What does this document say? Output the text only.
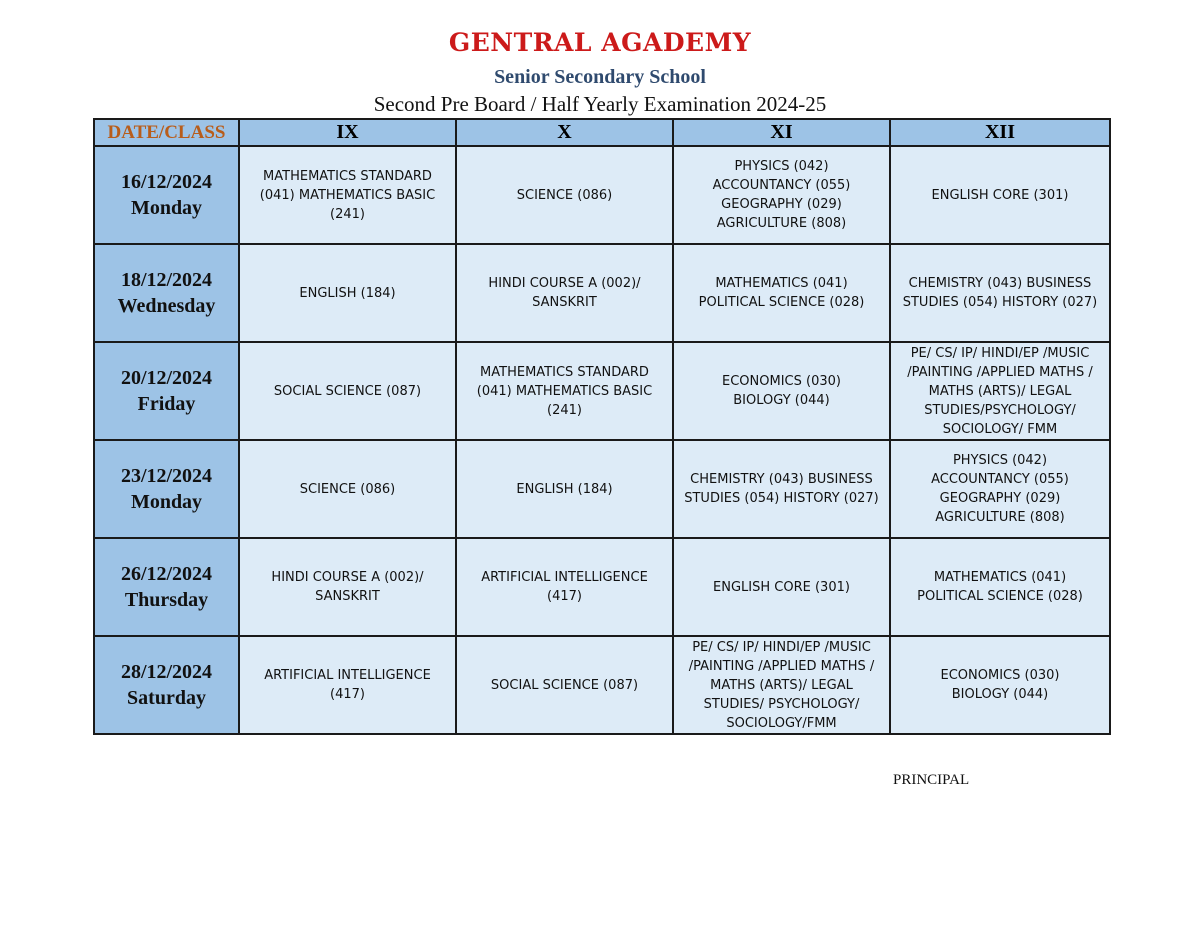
GENTRAL AGADEMY
Senior Secondary School
Second Pre Board / Half Yearly Examination 2024-25
DATE/CLASS	IX	X	XI	XII

16/12/2024
Monday	MATHEMATICS STANDARD
(041) MATHEMATICS BASIC
(241)	SCIENCE (086)	PHYSICS (042)
ACCOUNTANCY (055)
GEOGRAPHY (029)
AGRICULTURE (808)	ENGLISH CORE (301)

18/12/2024
Wednesday	ENGLISH (184)	HINDI COURSE A (002)/
SANSKRIT	MATHEMATICS (041)
POLITICAL SCIENCE (028)	CHEMISTRY (043) BUSINESS
STUDIES (054) HISTORY (027)

20/12/2024
Friday	SOCIAL SCIENCE (087)	MATHEMATICS STANDARD
(041) MATHEMATICS BASIC
(241)	ECONOMICS (030)
BIOLOGY (044)	PE/ CS/ IP/ HINDI/EP /MUSIC
/PAINTING /APPLIED MATHS /
MATHS (ARTS)/ LEGAL
STUDIES/PSYCHOLOGY/
SOCIOLOGY/ FMM

23/12/2024
Monday	SCIENCE (086)	ENGLISH (184)	CHEMISTRY (043) BUSINESS
STUDIES (054) HISTORY (027)	PHYSICS (042)
ACCOUNTANCY (055)
GEOGRAPHY (029)
AGRICULTURE (808)

26/12/2024
Thursday	HINDI COURSE A (002)/
SANSKRIT	ARTIFICIAL INTELLIGENCE
(417)	ENGLISH CORE (301)	MATHEMATICS (041)
POLITICAL SCIENCE (028)

28/12/2024
Saturday	ARTIFICIAL INTELLIGENCE
(417)	SOCIAL SCIENCE (087)	PE/ CS/ IP/ HINDI/EP /MUSIC
/PAINTING /APPLIED MATHS /
MATHS (ARTS)/ LEGAL
STUDIES/ PSYCHOLOGY/
SOCIOLOGY/FMM	ECONOMICS (030)
BIOLOGY (044)
PRINCIPAL
